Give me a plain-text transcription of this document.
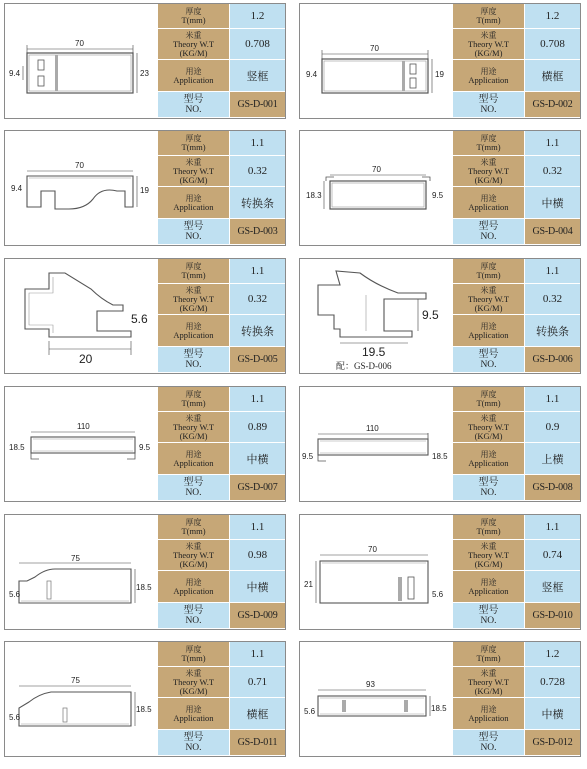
70
9.4	23
厚度
T(mm)	1.2
米重
Theory W.T
(KG/M)
0.708
用途
Application	竖框
型号
NO.	GS-D-001
70
9.4	19
厚度
T(mm)	1.2
米重
Theory W.T
(KG/M)
0.708
用途
Application	横框
型号
NO.	GS-D-002
70
9.4	19
厚度
T(mm)	1.1
米重
Theory W.T
(KG/M)
0.32
用途
Application 转换条
型号
NO.	GS-D-003
70
18.3	9.5
厚度
T(mm)	1.1
米重
Theory W.T
(KG/M)
0.32
用途
Application	中横
型号
NO.	GS-D-004
5.6
20
厚度
T(mm)	1.1
米重
Theory W.T
(KG/M)
0.32
用途
Application 转换条
型号
NO.	GS-D-005
9.5
19.5
配：GS-D-006
厚度
T(mm)	1.1
米重
Theory W.T
(KG/M)
0.32
用途
Application 转换条
型号
NO.	GS-D-006
110
18.5	9.5
厚度
T(mm)	1.1
米重
Theory W.T
(KG/M)
0.89
用途
Application	中横
型号
NO.	GS-D-007
110
9.5	18.5
厚度
T(mm)	1.1
米重
Theory W.T
(KG/M)
0.9
用途
Application	上横
型号
NO.	GS-D-008
75
5.6
18.5
厚度
T(mm)	1.1
米重
Theory W.T
(KG/M)
0.98
用途
Application	中横
型号
NO.	GS-D-009
70
21
5.6
厚度
T(mm)	1.1
米重
Theory W.T
(KG/M)
0.74
用途
Application	竖框
型号
NO.	GS-D-010
75
5.6
18.5
厚度
T(mm)	1.1
米重
Theory W.T
(KG/M)
0.71
用途
Application	横框
型号
NO.	GS-D-011
93
5.6	18.5
厚度
T(mm)	1.2
米重
Theory W.T
(KG/M)
0.728
用途
Application	中横
型号
NO.	GS-D-012
